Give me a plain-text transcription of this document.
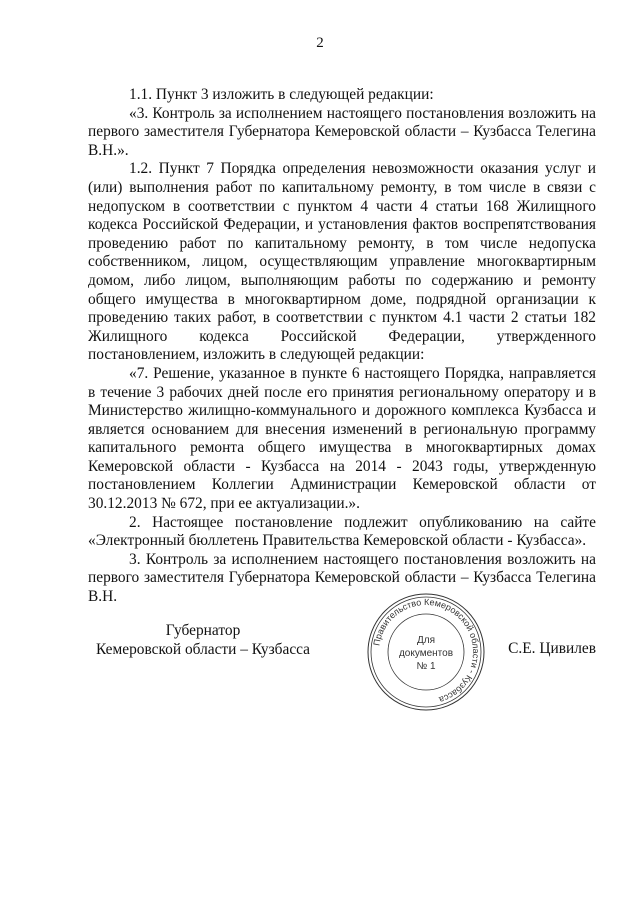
2

1.1. Пункт 3 изложить в следующей редакции:

«3. Контроль за исполнением настоящего постановления возложить на первого заместителя Губернатора Кемеровской области – Кузбасса Телегина В.Н.».

1.2. Пункт 7 Порядка определения невозможности оказания услуг и (или) выполнения работ по капитальному ремонту, в том числе в связи с недопуском в соответствии с пунктом 4 части 4 статьи 168 Жилищного кодекса Российской Федерации, и установления фактов воспрепятствования проведению работ по капитальному ремонту, в том числе недопуска собственником, лицом, осуществляющим управление многоквартирным домом, либо лицом, выполняющим работы по содержанию и ремонту общего имущества в многоквартирном доме, подрядной организации к проведению таких работ, в соответствии с пунктом 4.1 части 2 статьи 182 Жилищного кодекса Российской Федерации, утвержденного постановлением, изложить в следующей редакции:

«7. Решение, указанное в пункте 6 настоящего Порядка, направляется в течение 3 рабочих дней после его принятия региональному оператору и в Министерство жилищно-коммунального и дорожного комплекса Кузбасса и является основанием для внесения изменений в региональную программу капитального ремонта общего имущества в многоквартирных домах Кемеровской области - Кузбасса на 2014 - 2043 годы, утвержденную постановлением Коллегии Администрации Кемеровской области от 30.12.2013 № 672, при ее актуализации.».

2. Настоящее постановление подлежит опубликованию на сайте «Электронный бюллетень Правительства Кемеровской области - Кузбасса».

3. Контроль за исполнением настоящего постановления возложить на первого заместителя Губернатора Кемеровской области – Кузбасса Телегина В.Н.

Губернатор
Кемеровской области – Кузбасса	С.Е. Цивилев
Правительство Кемеровской области - Кузбасса
Для
документов
№ 1
